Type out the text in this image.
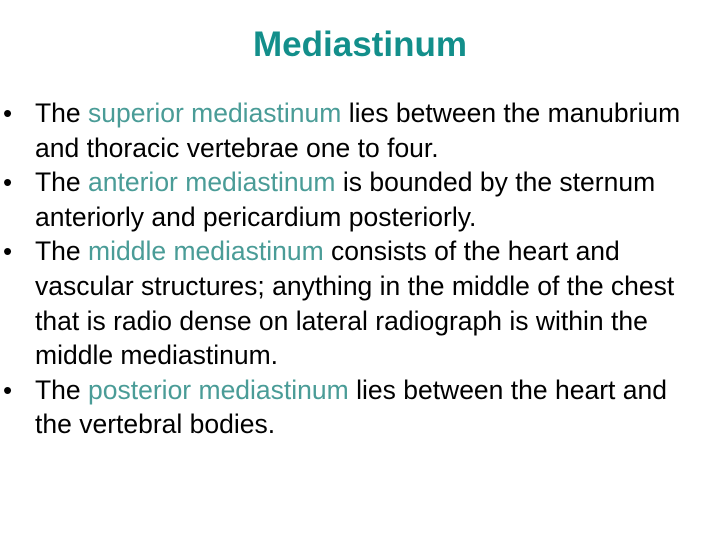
Mediastinum
• The superior mediastinum lies between the manubrium and thoracic vertebrae one to four.
• The anterior mediastinum is bounded by the sternum anteriorly and pericardium posteriorly.
• The middle mediastinum consists of the heart and vascular structures; anything in the middle of the chest that is radio dense on lateral radiograph is within the middle mediastinum.
• The posterior mediastinum lies between the heart and the vertebral bodies.
